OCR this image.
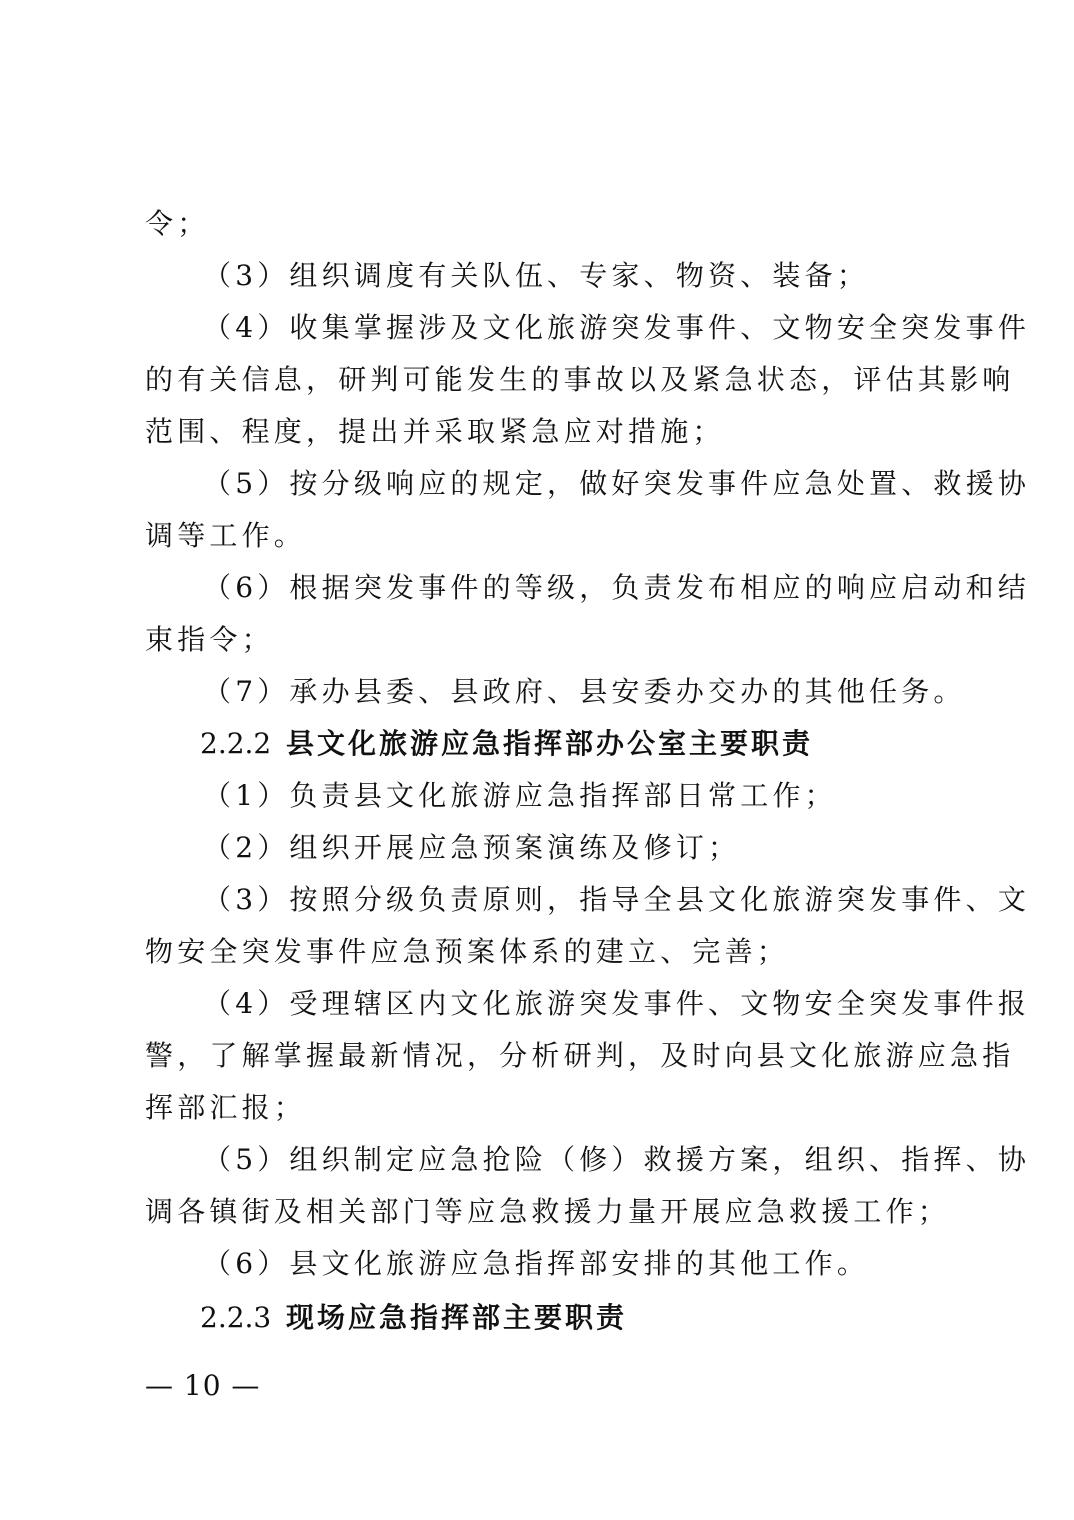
令；
（3）组织调度有关队伍、专家、物资、装备；
（4）收集掌握涉及文化旅游突发事件、文物安全突发事件
的有关信息，研判可能发生的事故以及紧急状态，评估其影响
范围、程度，提出并采取紧急应对措施；
（5）按分级响应的规定，做好突发事件应急处置、救援协
调等工作。
（6）根据突发事件的等级，负责发布相应的响应启动和结
束指令；
（7）承办县委、县政府、县安委办交办的其他任务。
2.2.2 县文化旅游应急指挥部办公室主要职责
（1）负责县文化旅游应急指挥部日常工作；
（2）组织开展应急预案演练及修订；
（3）按照分级负责原则，指导全县文化旅游突发事件、文
物安全突发事件应急预案体系的建立、完善；
（4）受理辖区内文化旅游突发事件、文物安全突发事件报
警，了解掌握最新情况，分析研判，及时向县文化旅游应急指
挥部汇报；
（5）组织制定应急抢险（修）救援方案，组织、指挥、协
调各镇街及相关部门等应急救援力量开展应急救援工作；
（6）县文化旅游应急指挥部安排的其他工作。
2.2.3 现场应急指挥部主要职责
— 10 —
